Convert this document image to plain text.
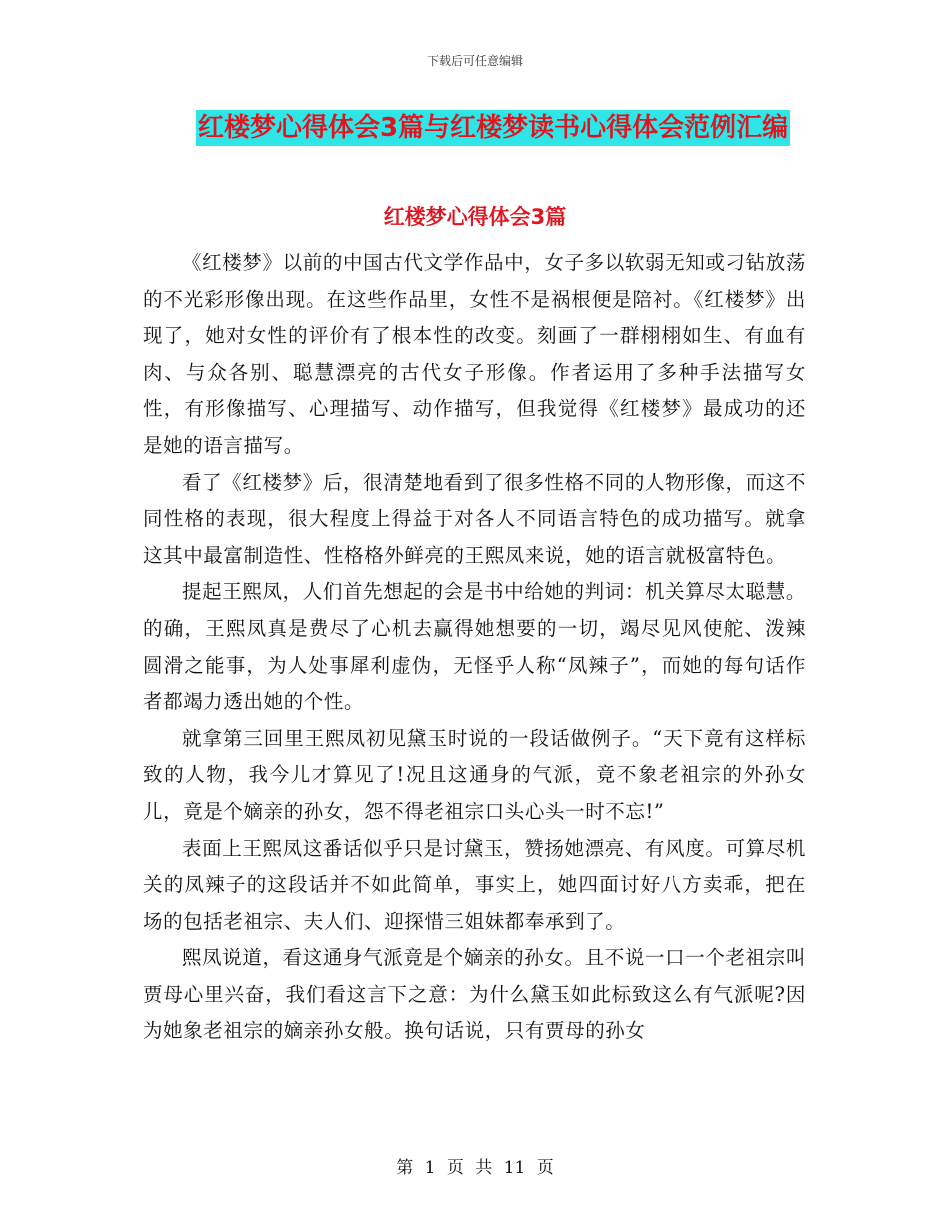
下载后可任意编辑
红楼梦心得体会3篇与红楼梦读书心得体会范例汇编
红楼梦心得体会3篇

《红楼梦》以前的中国古代文学作品中，女子多以软弱无知或刁钻放荡的不光彩形像出现。在这些作品里，女性不是祸根便是陪衬。《红楼梦》出现了，她对女性的评价有了根本性的改变。刻画了一群栩栩如生、有血有肉、与众各别、聪慧漂亮的古代女子形像。作者运用了多种手法描写女性，有形像描写、心理描写、动作描写，但我觉得《红楼梦》最成功的还是她的语言描写。

看了《红楼梦》后，很清楚地看到了很多性格不同的人物形像，而这不同性格的表现，很大程度上得益于对各人不同语言特色的成功描写。就拿这其中最富制造性、性格格外鲜亮的王熙凤来说，她的语言就极富特色。

提起王熙凤，人们首先想起的会是书中给她的判词：机关算尽太聪慧。的确，王熙凤真是费尽了心机去赢得她想要的一切，竭尽见风使舵、泼辣圆滑之能事，为人处事犀利虚伪，无怪乎人称“凤辣子”，而她的每句话作者都竭力透出她的个性。

就拿第三回里王熙凤初见黛玉时说的一段话做例子。“天下竟有这样标致的人物，我今儿才算见了!况且这通身的气派，竟不象老祖宗的外孙女儿，竟是个嫡亲的孙女，怨不得老祖宗口头心头一时不忘!”

表面上王熙凤这番话似乎只是讨黛玉，赞扬她漂亮、有风度。可算尽机关的凤辣子的这段话并不如此简单，事实上，她四面讨好八方卖乖，把在场的包括老祖宗、夫人们、迎探惜三姐妹都奉承到了。

熙凤说道，看这通身气派竟是个嫡亲的孙女。且不说一口一个老祖宗叫贾母心里兴奋，我们看这言下之意：为什么黛玉如此标致这么有气派呢?因为她象老祖宗的嫡亲孙女般。换句话说，只有贾母的孙女

第 1 页 共 11 页
